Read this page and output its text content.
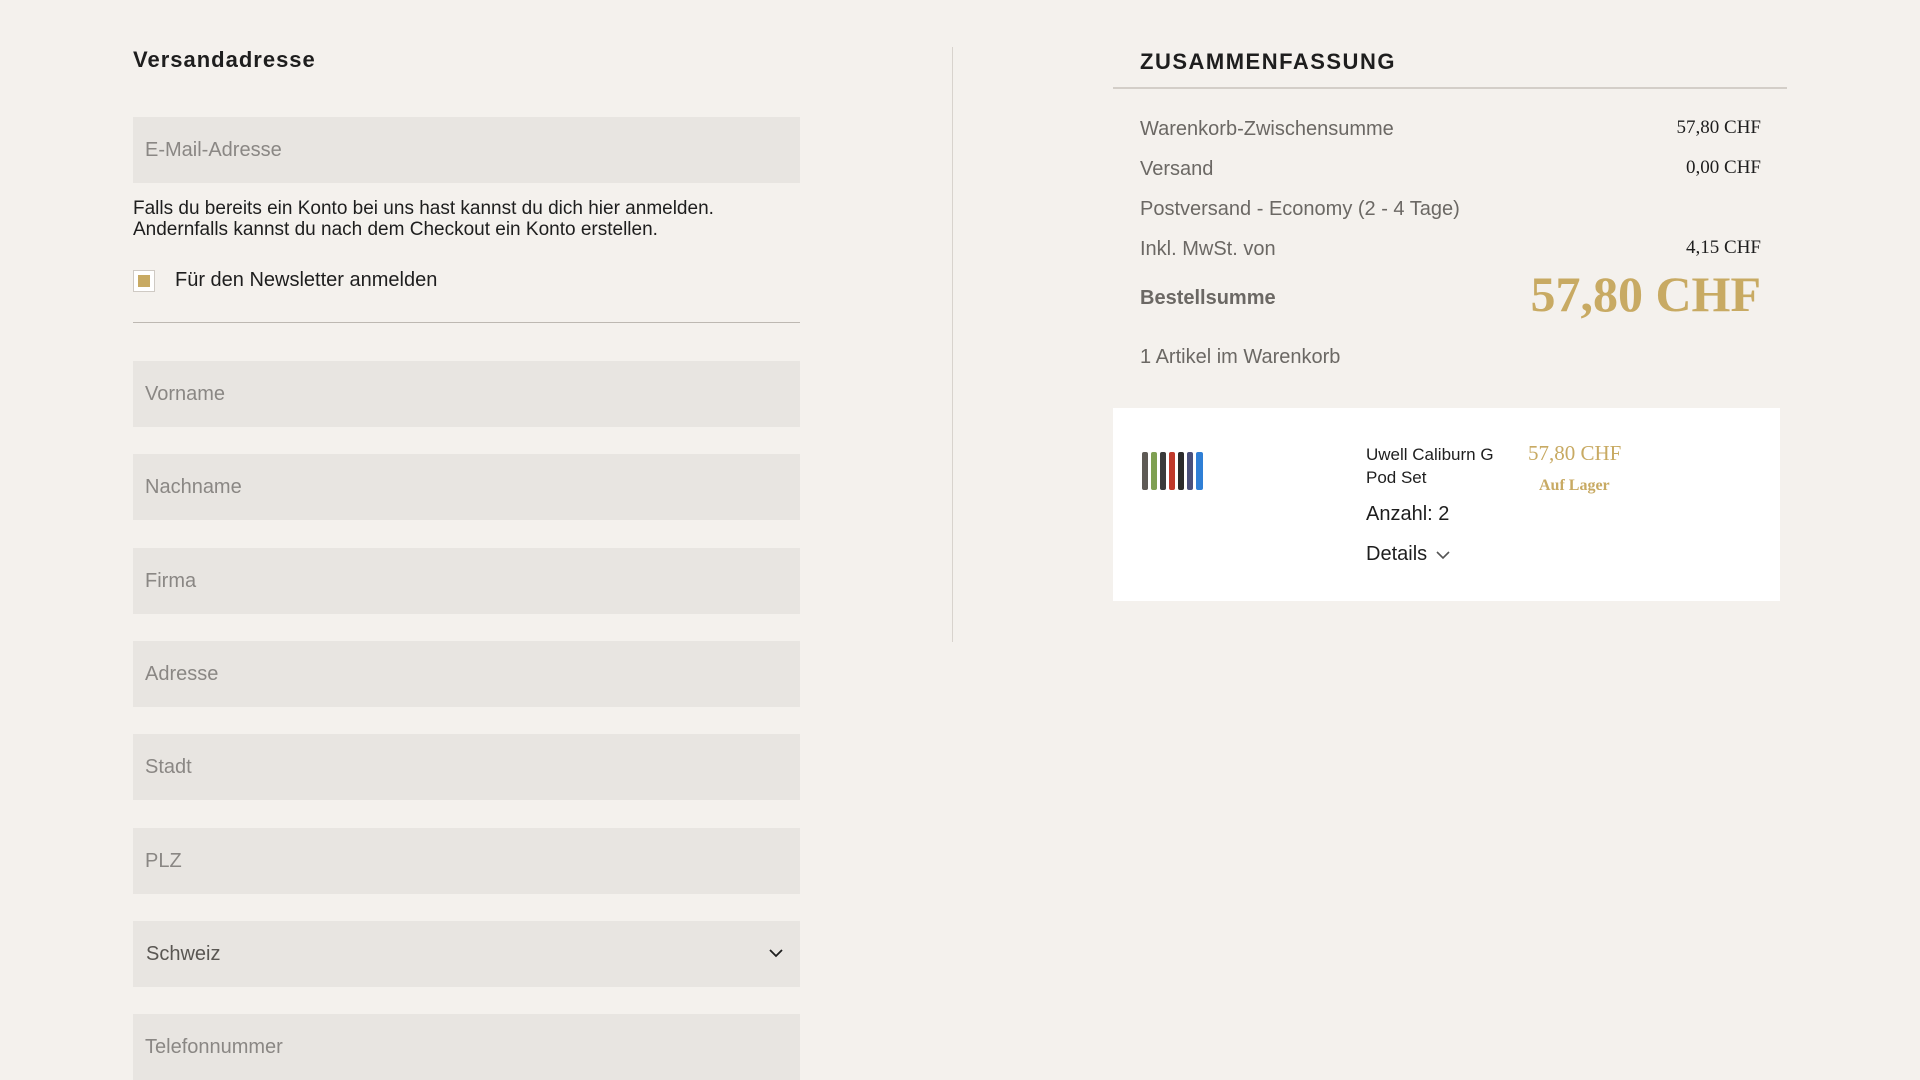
Versandadresse
E-Mail-Adresse
Falls du bereits ein Konto bei uns hast kannst du dich hier anmelden.
Andernfalls kannst du nach dem Checkout ein Konto erstellen.
Für den Newsletter anmelden
Vorname
Nachname
Firma
Adresse
Stadt
PLZ
Schweiz
Telefonnummer
ZUSAMMENFASSUNG
Warenkorb-Zwischensumme	57,80 CHF
Versand	0,00 CHF
Postversand - Economy (2 - 4 Tage)
Inkl. MwSt. von	4,15 CHF
Bestellsumme	57,80 CHF
1 Artikel im Warenkorb
Uwell Caliburn G Pod Set
57,80 CHF
Auf Lager
Anzahl: 2
Details
